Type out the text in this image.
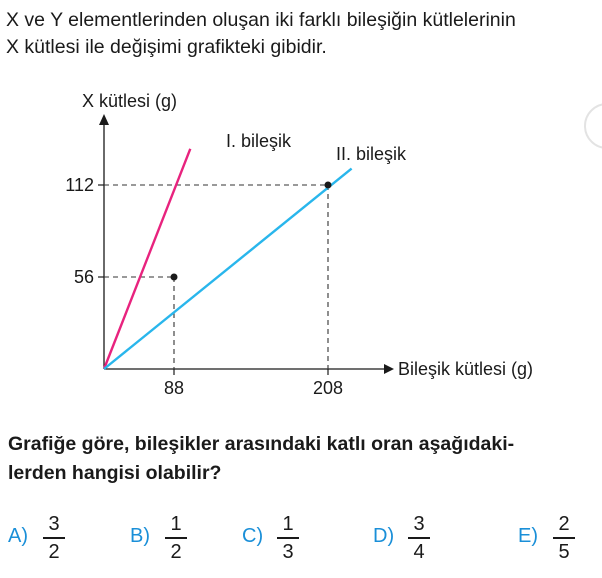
X ve Y elementlerinden oluşan iki farklı bileşiğin kütlelerinin
X kütlesi ile değişimi grafikteki gibidir.
X kütlesi (g)
Bileşik kütlesi (g)
56
112
88	208
I. bileşik
II. bileşik
Grafiğe göre, bileşikler arasındaki katlı oran aşağıdaki-
lerden hangisi olabilir?
A)
3
2
B)
1
2
C)
1
3
D)
3
4
E)
2
5
